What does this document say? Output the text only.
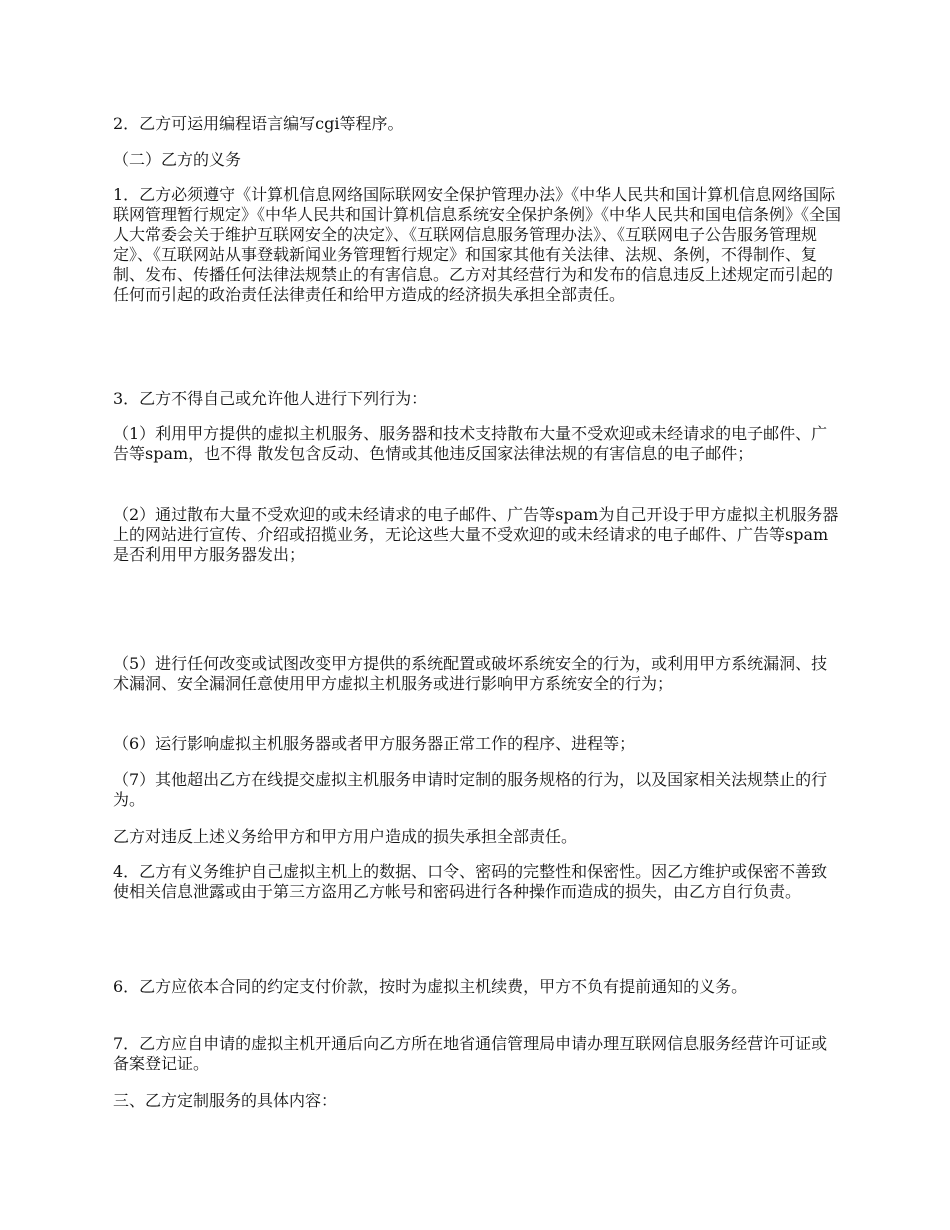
2．乙方可运用编程语言编写cgi等程序。

（二）乙方的义务

1．乙方必须遵守《计算机信息网络国际联网安全保护管理办法》《中华人民共和国计算机信息网络国际联网管理暂行规定》《中华人民共和国计算机信息系统安全保护条例》《中华人民共和国电信条例》《全国人大常委会关于维护互联网安全的决定》、《互联网信息服务管理办法》、《互联网电子公告服务管理规定》、《互联网站从事登载新闻业务管理暂行规定》和国家其他有关法律、法规、条例，不得制作、复制、发布、传播任何法律法规禁止的有害信息。乙方对其经营行为和发布的信息违反上述规定而引起的任何而引起的政治责任法律责任和给甲方造成的经济损失承担全部责任。

3．乙方不得自己或允许他人进行下列行为：

（1）利用甲方提供的虚拟主机服务、服务器和技术支持散布大量不受欢迎或未经请求的电子邮件、广告等spam，也不得 散发包含反动、色情或其他违反国家法律法规的有害信息的电子邮件；

（2）通过散布大量不受欢迎的或未经请求的电子邮件、广告等spam为自己开设于甲方虚拟主机服务器上的网站进行宣传、介绍或招揽业务，无论这些大量不受欢迎的或未经请求的电子邮件、广告等spam是否利用甲方服务器发出；

（5）进行任何改变或试图改变甲方提供的系统配置或破坏系统安全的行为，或利用甲方系统漏洞、技术漏洞、安全漏洞任意使用甲方虚拟主机服务或进行影响甲方系统安全的行为；

（6）运行影响虚拟主机服务器或者甲方服务器正常工作的程序、进程等；

（7）其他超出乙方在线提交虚拟主机服务申请时定制的服务规格的行为，以及国家相关法规禁止的行为。

乙方对违反上述义务给甲方和甲方用户造成的损失承担全部责任。

4．乙方有义务维护自己虚拟主机上的数据、口令、密码的完整性和保密性。因乙方维护或保密不善致使相关信息泄露或由于第三方盗用乙方帐号和密码进行各种操作而造成的损失，由乙方自行负责。

6．乙方应依本合同的约定支付价款，按时为虚拟主机续费，甲方不负有提前通知的义务。

7．乙方应自申请的虚拟主机开通后向乙方所在地省通信管理局申请办理互联网信息服务经营许可证或备案登记证。

三、乙方定制服务的具体内容：
